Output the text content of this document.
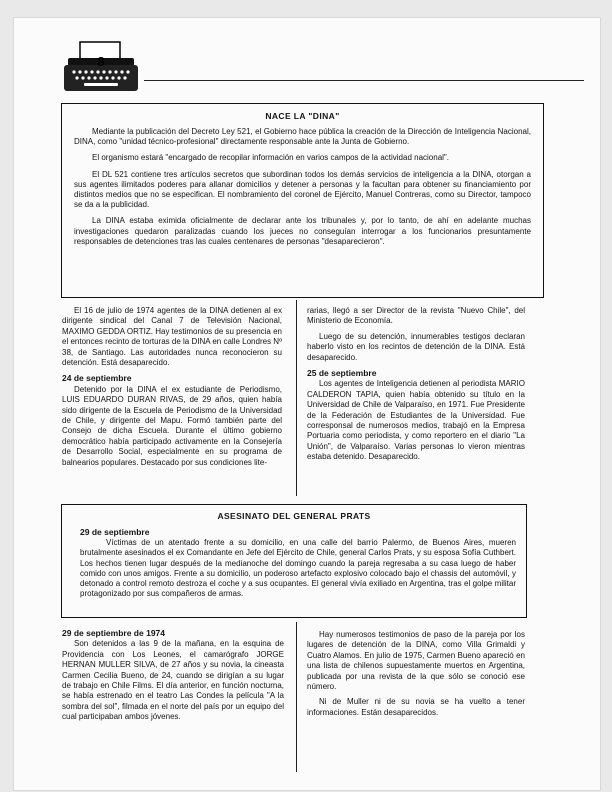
8
NACE LA "DINA"

Mediante la publicación del Decreto Ley 521, el Gobierno hace pública la creación de la Dirección de Inteligencia Nacional, DINA, como "unidad técnico-profesional" directamente responsable ante la Junta de Gobierno.

El organismo estará "encargado de recopilar información en varios campos de la actividad nacional".

El DL 521 contiene tres artículos secretos que subordinan todos los demás servicios de inteligencia a la DINA, otorgan a sus agentes ilimitados poderes para allanar domicilios y detener a personas y la facultan para obtener su financiamiento por distintos medios que no se especifican. El nombramiento del coronel de Ejército, Manuel Contreras, como su Director, tampoco se da a la publicidad.

La DINA estaba eximida oficialmente de declarar ante los tribunales y, por lo tanto, de ahí en adelante muchas investigaciones quedaron paralizadas cuando los jueces no conseguían interrogar a los funcionarios presuntamente responsables de detenciones tras las cuales centenares de personas "desaparecieron".

El 16 de julio de 1974 agentes de la DINA detienen al ex dirigente sindical del Canal 7 de Televisión Nacional, MAXIMO GEDDA ORTIZ. Hay testimonios de su presencia en el entonces recinto de torturas de la DINA en calle Londres Nº 38, de Santiago. Las autoridades nunca reconocieron su detención. Está desaparecido.

24 de septiembre

Detenido por la DINA el ex estudiante de Periodismo, LUIS EDUARDO DURAN RIVAS, de 29 años, quien había sido dirigente de la Escuela de Periodismo de la Universidad de Chile, y dirigente del Mapu. Formó también parte del Consejo de dicha Escuela. Durante el último gobierno democrático había participado activamente en la Consejería de Desarrollo Social, especialmente en su programa de balnearios populares. Destacado por sus condiciones lite-

rarias, llegó a ser Director de la revista "Nuevo Chile", del Ministerio de Economía.

Luego de su detención, innumerables testigos declaran haberlo visto en los recintos de detención de la DINA. Está desaparecido.

25 de septiembre

Los agentes de Inteligencia detienen al periodista MARIO CALDERON TAPIA, quien había obtenido su título en la Universidad de Chile de Valparaíso, en 1971. Fue Presidente de la Federación de Estudiantes de la Universidad. Fue corresponsal de numerosos medios, trabajó en la Empresa Portuaria como periodista, y como reportero en el diario "La Unión", de Valparaíso. Varias personas lo vieron mientras estaba detenido. Desaparecido.

ASESINATO DEL GENERAL PRATS
29 de septiembre

Víctimas de un atentado frente a su domicilio, en una calle del barrio Palermo, de Buenos Aires, mueren brutalmente asesinados el ex Comandante en Jefe del Ejército de Chile, general Carlos Prats, y su esposa Sofía Cuthbert. Los hechos tienen lugar después de la medianoche del domingo cuando la pareja regresaba a su casa luego de haber comido con unos amigos. Frente a su domicilio, un poderoso artefacto explosivo colocado bajo el chassis del automóvil, y detonado a control remoto destroza el coche y a sus ocupantes. El general vivía exiliado en Argentina, tras el golpe militar protagonizado por sus compañeros de armas.

29 de septiembre de 1974

Son detenidos a las 9 de la mañana, en la esquina de Providencia con Los Leones, el camarógrafo JORGE HERNAN MULLER SILVA, de 27 años y su novia, la cineasta Carmen Cecilia Bueno, de 24, cuando se dirigían a su lugar de trabajo en Chile Films. El día anterior, en función nocturna, se había estrenado en el teatro Las Condes la película "A la sombra del sol", filmada en el norte del país por un equipo del cual participaban ambos jóvenes.

Hay numerosos testimonios de paso de la pareja por los lugares de detención de la DINA, como Villa Grimaldi y Cuatro Alamos. En julio de 1975, Carmen Bueno apareció en una lista de chilenos supuestamente muertos en Argentina, publicada por una revista de la que sólo se conoció ese número.

Ni de Muller ni de su novia se ha vuelto a tener informaciones. Están desaparecidos.
